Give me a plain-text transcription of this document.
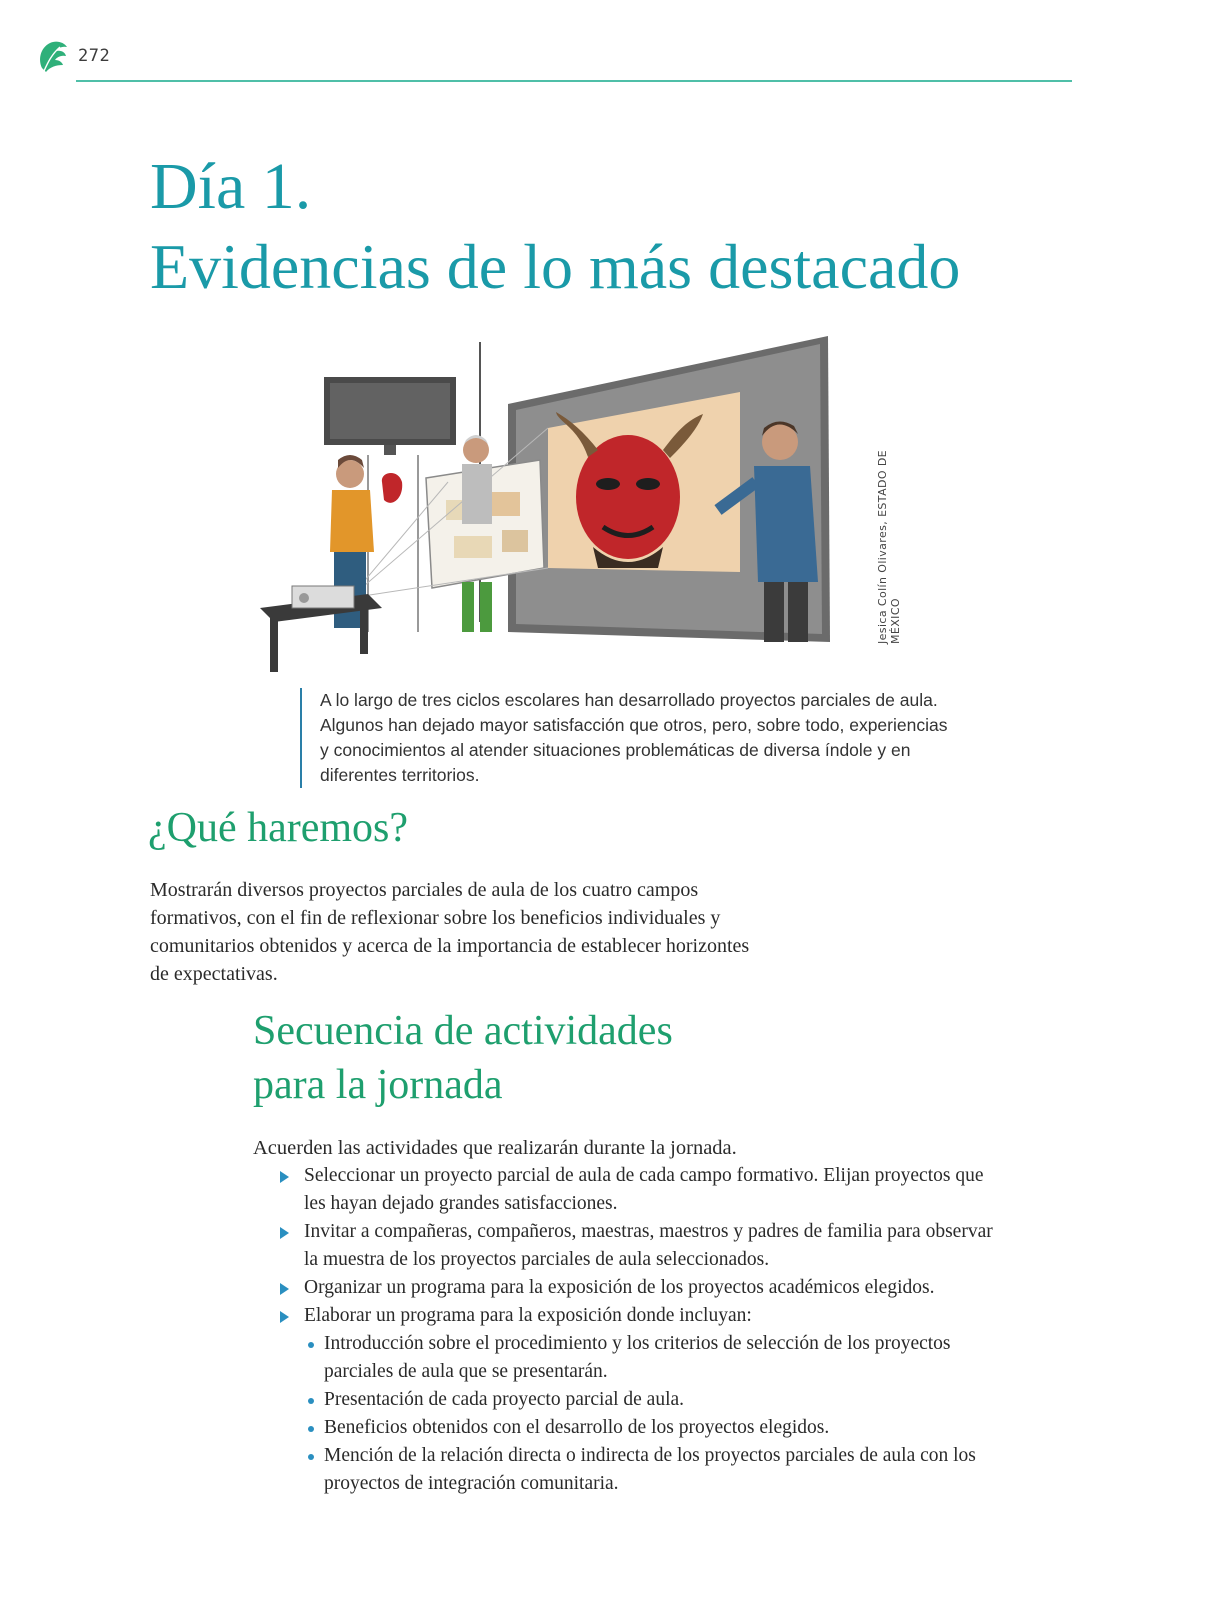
272
Día 1.
Evidencias de lo más destacado
Jesica Colín Olivares, ESTADO DE MÉXICO

A lo largo de tres ciclos escolares han desarrollado proyectos parciales de aula. Algunos han dejado mayor satisfacción que otros, pero, sobre todo, experiencias y conocimientos al atender situaciones problemáticas de diversa índole y en diferentes territorios.

¿Qué haremos?

Mostrarán diversos proyectos parciales de aula de los cuatro campos formativos, con el fin de reflexionar sobre los beneficios individuales y comunitarios obtenidos y acerca de la importancia de establecer horizontes de expectativas.

Secuencia de actividades
para la jornada

Acuerden las actividades que realizarán durante la jornada.

Seleccionar un proyecto parcial de aula de cada campo formativo. Elijan proyectos que les hayan dejado grandes satisfacciones.
Invitar a compañeras, compañeros, maestras, maestros y padres de familia para observar la muestra de los proyectos parciales de aula seleccionados.
Organizar un programa para la exposición de los proyectos académicos elegidos.
Elaborar un programa para la exposición donde incluyan:
Introducción sobre el procedimiento y los criterios de selección de los proyectos parciales de aula que se presentarán.
Presentación de cada proyecto parcial de aula.
Beneficios obtenidos con el desarrollo de los proyectos elegidos.
Mención de la relación directa o indirecta de los proyectos parciales de aula con los proyectos de integración comunitaria.
